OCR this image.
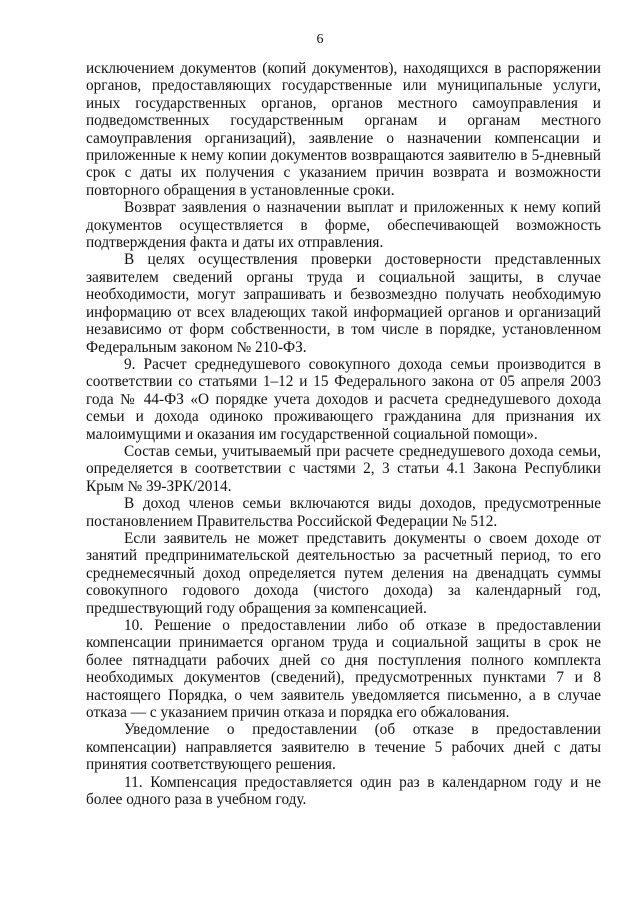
6

исключением документов (копий документов), находящихся в распоряжении органов, предоставляющих государственные или муниципальные услуги, иных государственных органов, органов местного самоуправления и подведомственных государственным органам и органам местного самоуправления организаций), заявление о назначении компенсации и приложенные к нему копии документов возвращаются заявителю в 5-дневный срок с даты их получения с указанием причин возврата и возможности повторного обращения в установленные сроки.

Возврат заявления о назначении выплат и приложенных к нему копий документов осуществляется в форме, обеспечивающей возможность подтверждения факта и даты их отправления.

В целях осуществления проверки достоверности представленных заявителем сведений органы труда и социальной защиты, в случае необходимости, могут запрашивать и безвозмездно получать необходимую информацию от всех владеющих такой информацией органов и организаций независимо от форм собственности, в том числе в порядке, установленном Федеральным законом № 210-ФЗ.

9. Расчет среднедушевого совокупного дохода семьи производится в соответствии со статьями 1–12 и 15 Федерального закона от 05 апреля 2003 года № 44-ФЗ «О порядке учета доходов и расчета среднедушевого дохода семьи и дохода одиноко проживающего гражданина для признания их малоимущими и оказания им государственной социальной помощи».

Состав семьи, учитываемый при расчете среднедушевого дохода семьи, определяется в соответствии с частями 2, 3 статьи 4.1 Закона Республики Крым № 39-ЗРК/2014.

В доход членов семьи включаются виды доходов, предусмотренные постановлением Правительства Российской Федерации № 512.

Если заявитель не может представить документы о своем доходе от занятий предпринимательской деятельностью за расчетный период, то его среднемесячный доход определяется путем деления на двенадцать суммы совокупного годового дохода (чистого дохода) за календарный год, предшествующий году обращения за компенсацией.

10. Решение о предоставлении либо об отказе в предоставлении компенсации принимается органом труда и социальной защиты в срок не более пятнадцати рабочих дней со дня поступления полного комплекта необходимых документов (сведений), предусмотренных пунктами 7 и 8 настоящего Порядка, о чем заявитель уведомляется письменно, а в случае отказа — с указанием причин отказа и порядка его обжалования.

Уведомление о предоставлении (об отказе в предоставлении компенсации) направляется заявителю в течение 5 рабочих дней с даты принятия соответствующего решения.

11. Компенсация предоставляется один раз в календарном году и не более одного раза в учебном году.
